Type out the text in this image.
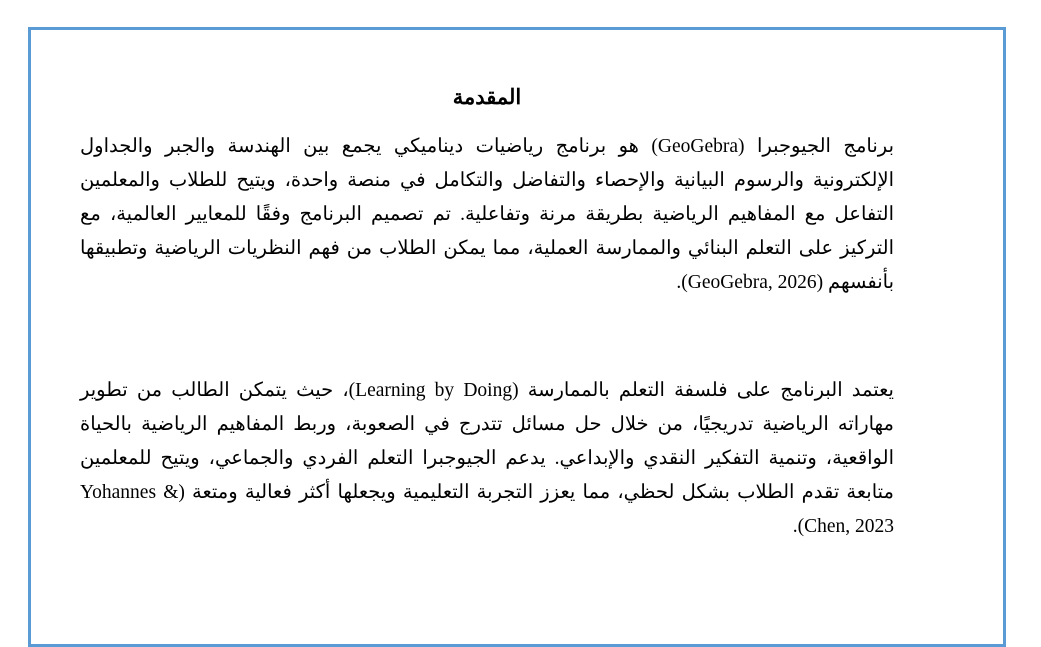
المقدمة

برنامج الجيوجبرا (GeoGebra) هو برنامج رياضيات ديناميكي يجمع بين الهندسة والجبر والجداول الإلكترونية والرسوم البيانية والإحصاء والتفاضل والتكامل في منصة واحدة، ويتيح للطلاب والمعلمين التفاعل مع المفاهيم الرياضية بطريقة مرنة وتفاعلية. تم تصميم البرنامج وفقًا للمعايير العالمية، مع التركيز على التعلم البنائي والممارسة العملية، مما يمكن الطلاب من فهم النظريات الرياضية وتطبيقها بأنفسهم (GeoGebra, 2026).

يعتمد البرنامج على فلسفة التعلم بالممارسة (Learning by Doing)، حيث يتمكن الطالب من تطوير مهاراته الرياضية تدريجيًا، من خلال حل مسائل تتدرج في الصعوبة، وربط المفاهيم الرياضية بالحياة الواقعية، وتنمية التفكير النقدي والإبداعي. يدعم الجيوجبرا التعلم الفردي والجماعي، ويتيح للمعلمين متابعة تقدم الطلاب بشكل لحظي، مما يعزز التجربة التعليمية ويجعلها أكثر فعالية ومتعة (Yohannes & Chen, 2023).
